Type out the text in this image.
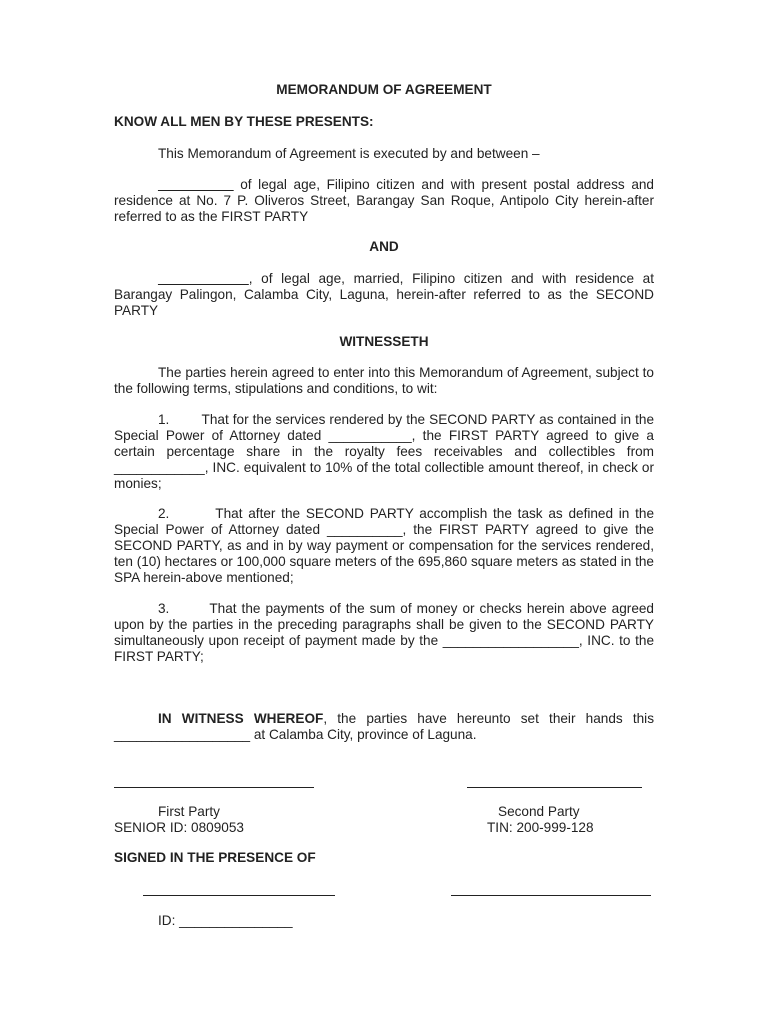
MEMORANDUM OF AGREEMENT
KNOW ALL MEN BY THESE PRESENTS:
This Memorandum of Agreement is executed by and between –
__________ of legal age, Filipino citizen and with present postal address and residence at No. 7 P. Oliveros Street, Barangay San Roque, Antipolo City herein-after referred to as the FIRST PARTY
AND
____________, of legal age, married, Filipino citizen and with residence at Barangay Palingon, Calamba City, Laguna, herein-after referred to as the SECOND PARTY
WITNESSETH
The parties herein agreed to enter into this Memorandum of Agreement, subject to the following terms, stipulations and conditions, to wit:
1. That for the services rendered by the SECOND PARTY as contained in the Special Power of Attorney dated ___________, the FIRST PARTY agreed to give a certain percentage share in the royalty fees receivables and collectibles from ____________, INC. equivalent to 10% of the total collectible amount thereof, in check or monies;
2.	That after the SECOND PARTY accomplish the task as defined in the Special Power of Attorney dated __________, the FIRST PARTY agreed to give the SECOND PARTY, as and in by way payment or compensation for the services rendered, ten (10) hectares or 100,000 square meters of the 695,860 square meters as stated in the SPA herein-above mentioned;
3.	That the payments of the sum of money or checks herein above agreed upon by the parties in the preceding paragraphs shall be given to the SECOND PARTY simultaneously upon receipt of payment made by the __________________, INC. to the FIRST PARTY;
IN WITNESS WHEREOF, the parties have hereunto set their hands this __________________ at Calamba City, province of Laguna.
First Party
SENIOR ID: 0809053
Second Party
TIN: 200-999-128
SIGNED IN THE PRESENCE OF
ID: _______________
